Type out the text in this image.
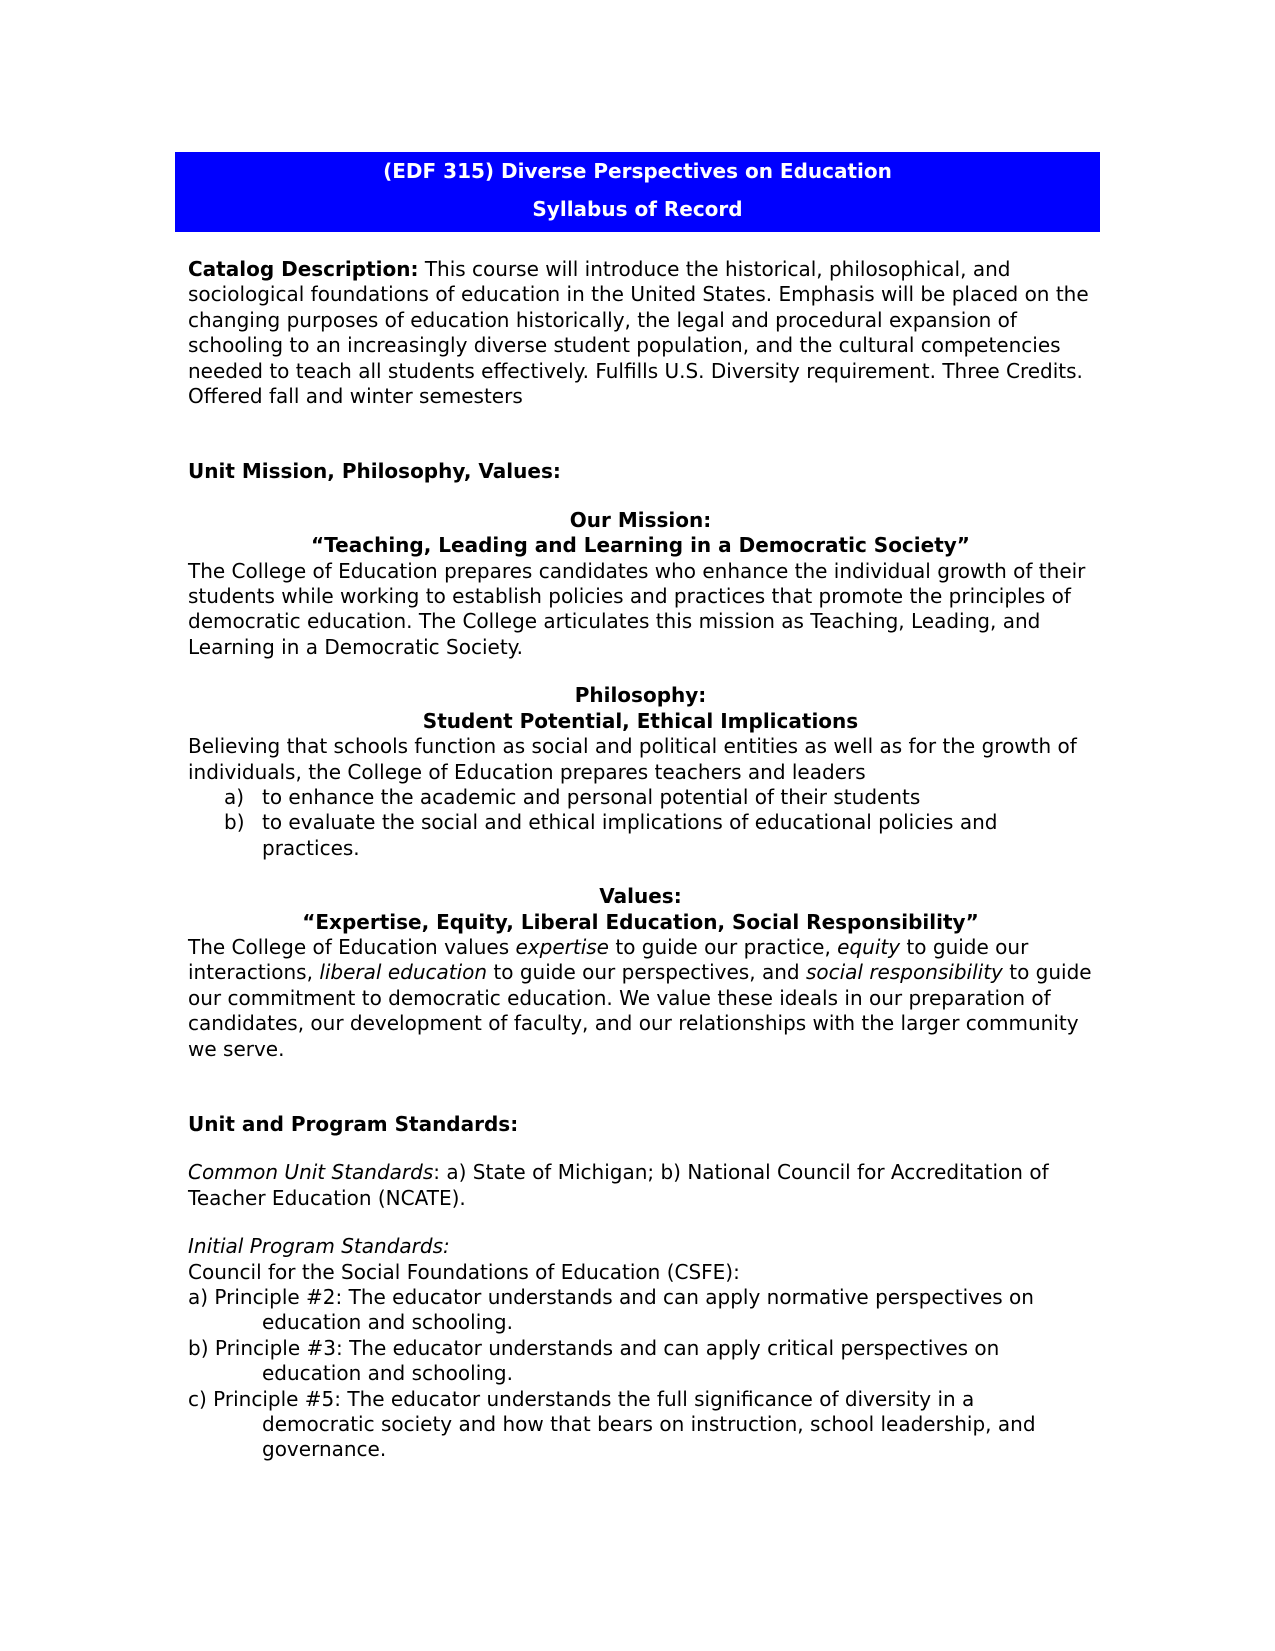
(EDF 315) Diverse Perspectives on Education
Syllabus of Record

Catalog Description: This course will introduce the historical, philosophical, and sociological foundations of education in the United States. Emphasis will be placed on the changing purposes of education historically, the legal and procedural expansion of schooling to an increasingly diverse student population, and the cultural competencies needed to teach all students effectively. Fulfills U.S. Diversity requirement. Three Credits. Offered fall and winter semesters

Unit Mission, Philosophy, Values:

Our Mission:

“Teaching, Leading and Learning in a Democratic Society”

The College of Education prepares candidates who enhance the individual growth of their students while working to establish policies and practices that promote the principles of democratic education. The College articulates this mission as Teaching, Leading, and Learning in a Democratic Society.

Philosophy:

Student Potential, Ethical Implications

Believing that schools function as social and political entities as well as for the growth of individuals, the College of Education prepares teachers and leaders

a) to enhance the academic and personal potential of their students
b) to evaluate the social and ethical implications of educational policies and practices.

Values:

“Expertise, Equity, Liberal Education, Social Responsibility”

The College of Education values expertise to guide our practice, equity to guide our interactions, liberal education to guide our perspectives, and social responsibility to guide our commitment to democratic education. We value these ideals in our preparation of candidates, our development of faculty, and our relationships with the larger community we serve.

Unit and Program Standards:

Common Unit Standards: a) State of Michigan; b) National Council for Accreditation of Teacher Education (NCATE).

Initial Program Standards:

Council for the Social Foundations of Education (CSFE):

a) Principle #2: The educator understands and can apply normative perspectives on education and schooling.

b) Principle #3: The educator understands and can apply critical perspectives on education and schooling.

c) Principle #5: The educator understands the full significance of diversity in a democratic society and how that bears on instruction, school leadership, and governance.
